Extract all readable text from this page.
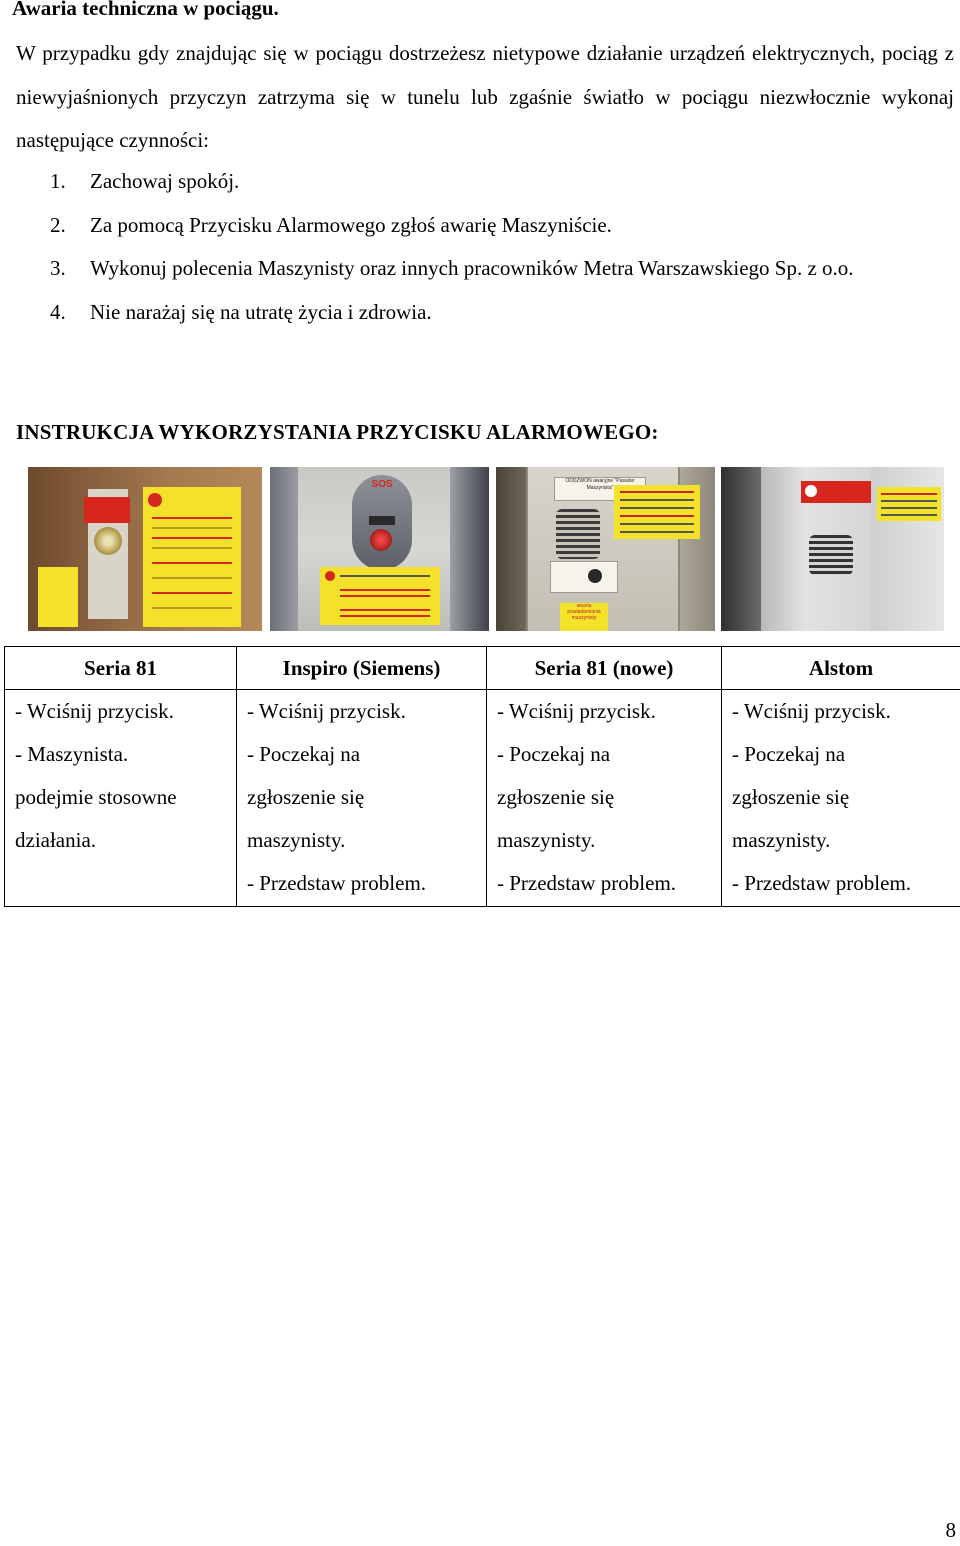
Awaria techniczna w pociągu.

W przypadku gdy znajdując się w pociągu dostrzeżesz nietypowe działanie urządzeń elektrycznych, pociąg z niewyjaśnionych przyczyn zatrzyma się w tunelu lub zgaśnie światło w pociągu niezwłocznie wykonaj następujące czynności:

1. Zachowaj spokój.
2. Za pomocą Przycisku Alarmowego zgłoś awarię Maszyniście.
3. Wykonuj polecenia Maszynisty oraz innych pracowników Metra Warszawskiego Sp. z o.o.
4. Nie narażaj się na utratę życia i zdrowia.
INSTRUKCJA WYKORZYSTANIA PRZYCISKU ALARMOWEGO:
SOS	ODDZWOŃ awaryjne "Pasażer Maszynista"
awaria powiadamiania maszynisty
Seria 81	Inspiro (Siemens)	Seria 81 (nowe)	Alstom

- Wciśnij przycisk.
- Maszynista.
podejmie stosowne
działania.	- Wciśnij przycisk.
- Poczekaj na
zgłoszenie się
maszynisty.
- Przedstaw problem.	- Wciśnij przycisk.
- Poczekaj na
zgłoszenie się
maszynisty.
- Przedstaw problem.	- Wciśnij przycisk.
- Poczekaj na
zgłoszenie się
maszynisty.
- Przedstaw problem.
8
